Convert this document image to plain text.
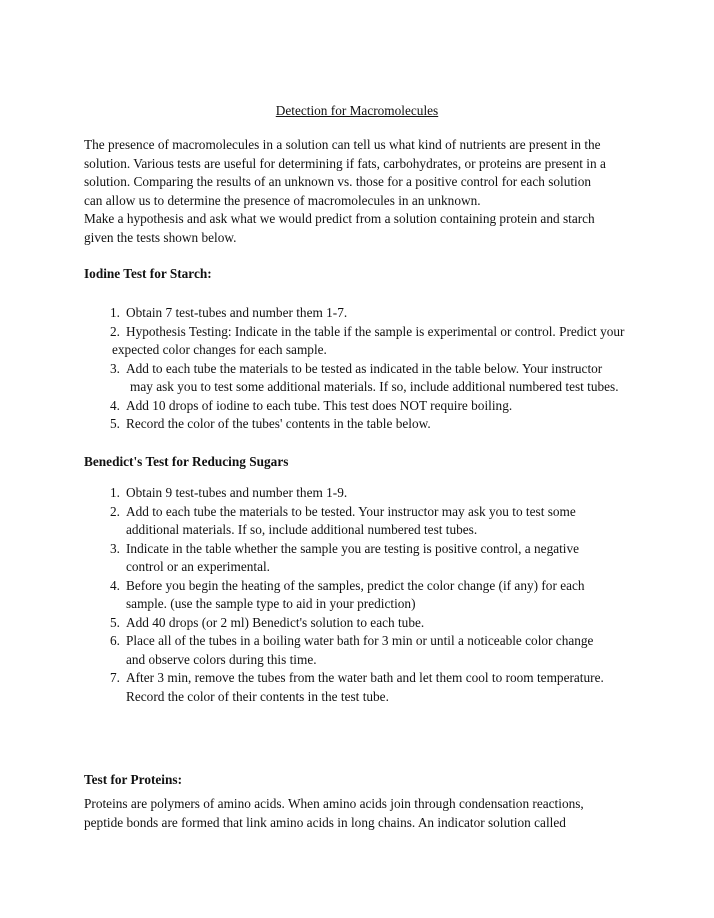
Detection for Macromolecules
The presence of macromolecules in a solution can tell us what kind of nutrients are present in the
solution. Various tests are useful for determining if fats, carbohydrates, or proteins are present in a
solution. Comparing the results of an unknown vs. those for a positive control for each solution
can allow us to determine the presence of macromolecules in an unknown.
Make a hypothesis and ask what we would predict from a solution containing protein and starch
given the tests shown below.
Iodine Test for Starch:
1. Obtain 7 test-tubes and number them 1-7.
2. Hypothesis Testing: Indicate in the table if the sample is experimental or control. Predict your
expected color changes for each sample.
3. Add to each tube the materials to be tested as indicated in the table below. Your instructor
may ask you to test some additional materials. If so, include additional numbered test tubes.
4. Add 10 drops of iodine to each tube. This test does NOT require boiling.
5. Record the color of the tubes' contents in the table below.
Benedict's Test for Reducing Sugars
1. Obtain 9 test-tubes and number them 1-9.
2. Add to each tube the materials to be tested. Your instructor may ask you to test some
additional materials. If so, include additional numbered test tubes.
3. Indicate in the table whether the sample you are testing is positive control, a negative
control or an experimental.
4. Before you begin the heating of the samples, predict the color change (if any) for each
sample. (use the sample type to aid in your prediction)
5. Add 40 drops (or 2 ml) Benedict's solution to each tube.
6. Place all of the tubes in a boiling water bath for 3 min or until a noticeable color change
and observe colors during this time.
7. After 3 min, remove the tubes from the water bath and let them cool to room temperature.
Record the color of their contents in the test tube.
Test for Proteins:
Proteins are polymers of amino acids. When amino acids join through condensation reactions,
peptide bonds are formed that link amino acids in long chains. An indicator solution called
